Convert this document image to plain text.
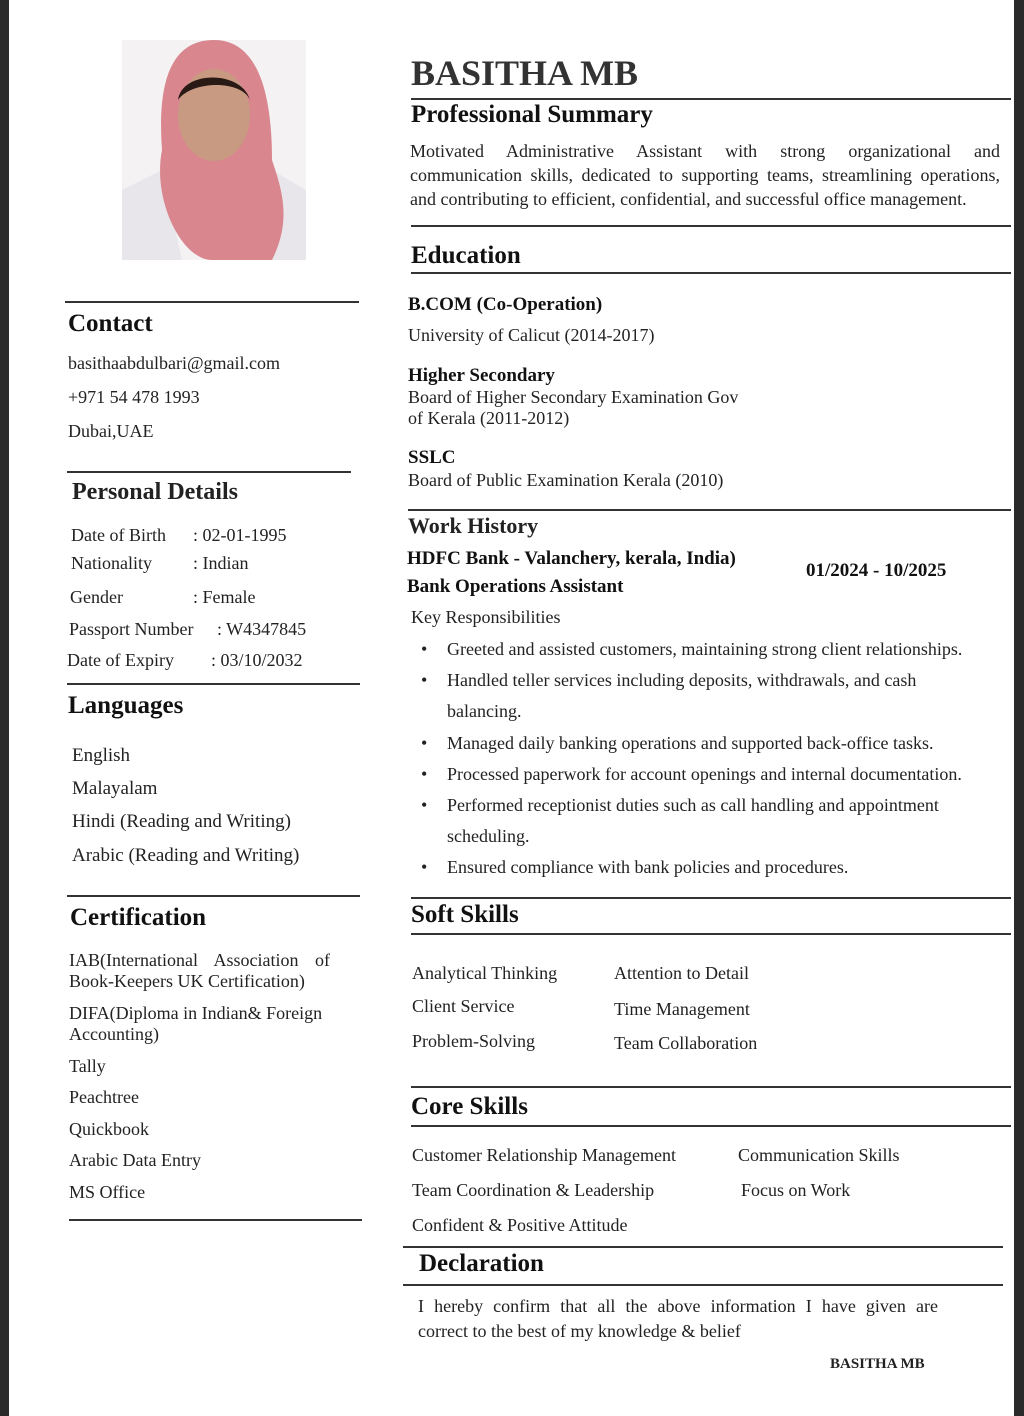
BASITHA MB
Professional Summary
Motivated Administrative Assistant with strong organizational and
communication skills, dedicated to supporting teams, streamlining operations,
and contributing to efficient, confidential, and successful office management.
Education
B.COM (Co-Operation)
University of Calicut (2014-2017)
Higher Secondary
Board of Higher Secondary Examination Gov
of Kerala (2011-2012)
SSLC
Board of Public Examination Kerala (2010)
Work History
HDFC Bank - Valanchery, kerala, India)
01/2024 - 10/2025
Bank Operations Assistant
Key Responsibilities
• Greeted and assisted customers, maintaining strong client relationships.
• Handled teller services including deposits, withdrawals, and cash
balancing.
• Managed daily banking operations and supported back-office tasks.
• Processed paperwork for account openings and internal documentation.
• Performed receptionist duties such as call handling and appointment
scheduling.
• Ensured compliance with bank policies and procedures.
Soft Skills
Analytical Thinking	Attention to Detail
Client Service	Time Management
Problem-Solving	Team Collaboration
Core Skills
Customer Relationship Management	Communication Skills
Team Coordination & Leadership	Focus on Work
Confident & Positive Attitude
Declaration
I hereby confirm that all the above information I have given are
correct to the best of my knowledge & belief
BASITHA MB
Contact
basithaabdulbari@gmail.com
+971 54 478 1993
Dubai,UAE
Personal Details
Date of Birth : 02-01-1995
Nationality : Indian
Gender	: Female
Passport Number : W4347845
Date of Expiry : 03/10/2032
Languages
English
Malayalam
Hindi (Reading and Writing)
Arabic (Reading and Writing)
Certification
IAB(International Association of
Book-Keepers UK Certification)
DIFA(Diploma in Indian& Foreign
Accounting)
Tally
Peachtree
Quickbook
Arabic Data Entry
MS Office
